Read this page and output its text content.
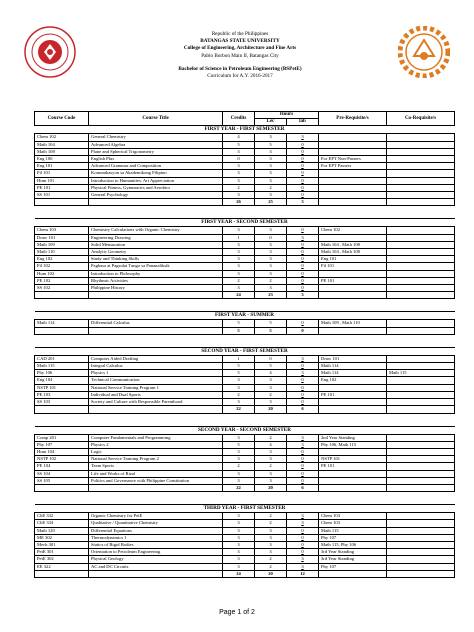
Republic of the Philippines
BATANGAS STATE UNIVERSITY
College of Engineering, Architecture and Fine Arts
Pablo Borbon Main II, Batangas City
Bachelor of Science in Petroleum Engineering (BSPetE)
Curriculum for A.Y. 2016-2017
Course Code	Course Title	Credits	Hours		Pre-Requisite/s	Co-Requisite/s
			Lec	lab		
FIRST YEAR - FIRST SEMESTER						
Chem 102	General Chemistry	4	3	3		
Math 104	Advanced Algebra	5	5	0		
Math 108	Plane and Spherical Trigonometry	3	3	0		
Eng 100	English Plus	0	3	0	For EPT Non-Passers	
Eng 101	Advanced Grammar and Composition	3	3	0	For EPT Passers	
Fil 101	Komunikasyon sa Akademikong Filipino	3	3	0		
Hum 101	Introduction to Humanities: Art Appreciation	3	3	0		
PE 101	Physical Fitness, Gymnastics and Aerobics	2	2	0		
SS 101	General Psychology	3	3	0		
		26	25	3		

FIRST YEAR - SECOND SEMESTER						
Chem 103	Chemistry Calculations with Organic Chemistry	3	3	0	Chem 102	
Draw 101	Engineering Drawing	1	0	3		
Math 109	Solid Mensuration	3	3	0	Math 104 , Math 108	
Math 110	Analytic Geometry	3	3	0	Math 104 , Math 108	
Eng 102	Study and Thinking Skills	3	3	0	Eng 101	
Fil 102	Pagbasa at Pagsulat Tungo sa Pananaliksik	3	3	0	Fil 101	
Hum 102	Introduction to Philosophy	3	3	0		
PE 102	Rhythmic Activities	2	2	0	PE 101	
SS 102	Philippine History	3	3	0		
		24	23	3		

FIRST YEAR - SUMMER						
Math 114	Differential Calculus	5	5	0	Math 109 , Math 110	
		5	5	0		

SECOND YEAR - FIRST SEMESTER						
CAD 201	Computer Aided Drafting	1	0	3	Draw 101	
Math 115	Integral Calculus	5	5	0	Math 114	
Phy 106	Physics 1	5	4	3	Math 114	Math 115
Eng 104	Technical Communication	3	3	0	Eng 102	
NSTP 101	National Service Training Program 1	3	3	0		
PE 103	Individual and Dual Sports	2	2	0	PE 101	
SS 103	Society and Culture with Responsible Parenthood	3	3	0		
		22	20	6		

SECOND YEAR - SECOND SEMESTER						
Comp 201	Computer Fundamentals and Programming	3	2	3	2nd Year Standing	
Phy 107	Physics 2	5	4	3	Phy 106, Math 115	
Hum 104	Logic	3	3	0		
NSTP 102	National Service Training Program 2	3	3	0	NSTP 101	
PE 104	Team Sports	2	2	0	PE 101	
SS 104	Life and Works of Rizal	3	3	0		
SS 105	Politics and Governance with Philippine Constitution	3	3	0		
		22	20	6		

THIRD YEAR - FIRST SEMESTER						
ChE 332	Organic Chemistry for PetE	3	2	3	Chem 103	
ChE 334	Qualitative / Quantitative Chemistry	3	2	3	Chem 103	
Math 120	Differential Equations	3	3	0	Math 115	
ME 302	Thermodynamics 1	3	3	0	Phy 107	
Mech 301	Statics of Rigid Bodies	3	3	0	Math 115, Phy 106	
PetE 301	Orientation to Petroleum Engineering	3	3	0	3rd Year Standing	
PetE 302	Physical Geology	3	2	3	3rd Year Standing	
EE 322	AC and DC Circuits	3	2	3	Phy 107	
		24	20	12		
Page 1 of 2
